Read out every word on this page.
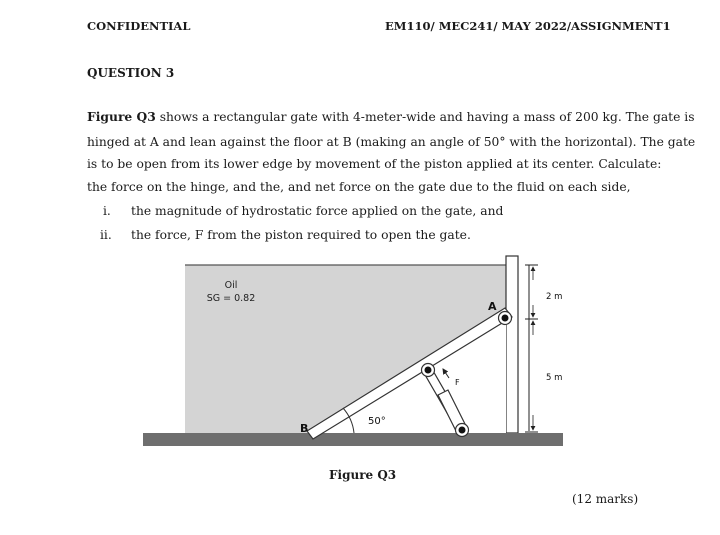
CONFIDENTIAL	EM110/ MEC241/ MAY 2022/ASSIGNMENT1
QUESTION 3
Figure Q3 shows a rectangular gate with 4-meter-wide and having a mass of 200 kg. The gate is
hinged at A and lean against the floor at B (making an angle of 50° with the horizontal). The gate
is to be open from its lower edge by movement of the piston applied at its center. Calculate:
the force on the hinge, and the, and net force on the gate due to the fluid on each side,
i. the magnitude of hydrostatic force applied on the gate, and
ii. the force, F from the piston required to open the gate.
Oil
SG = 0.82
A
B
F
50°
2 m
5 m
Figure Q3
(12 marks)
